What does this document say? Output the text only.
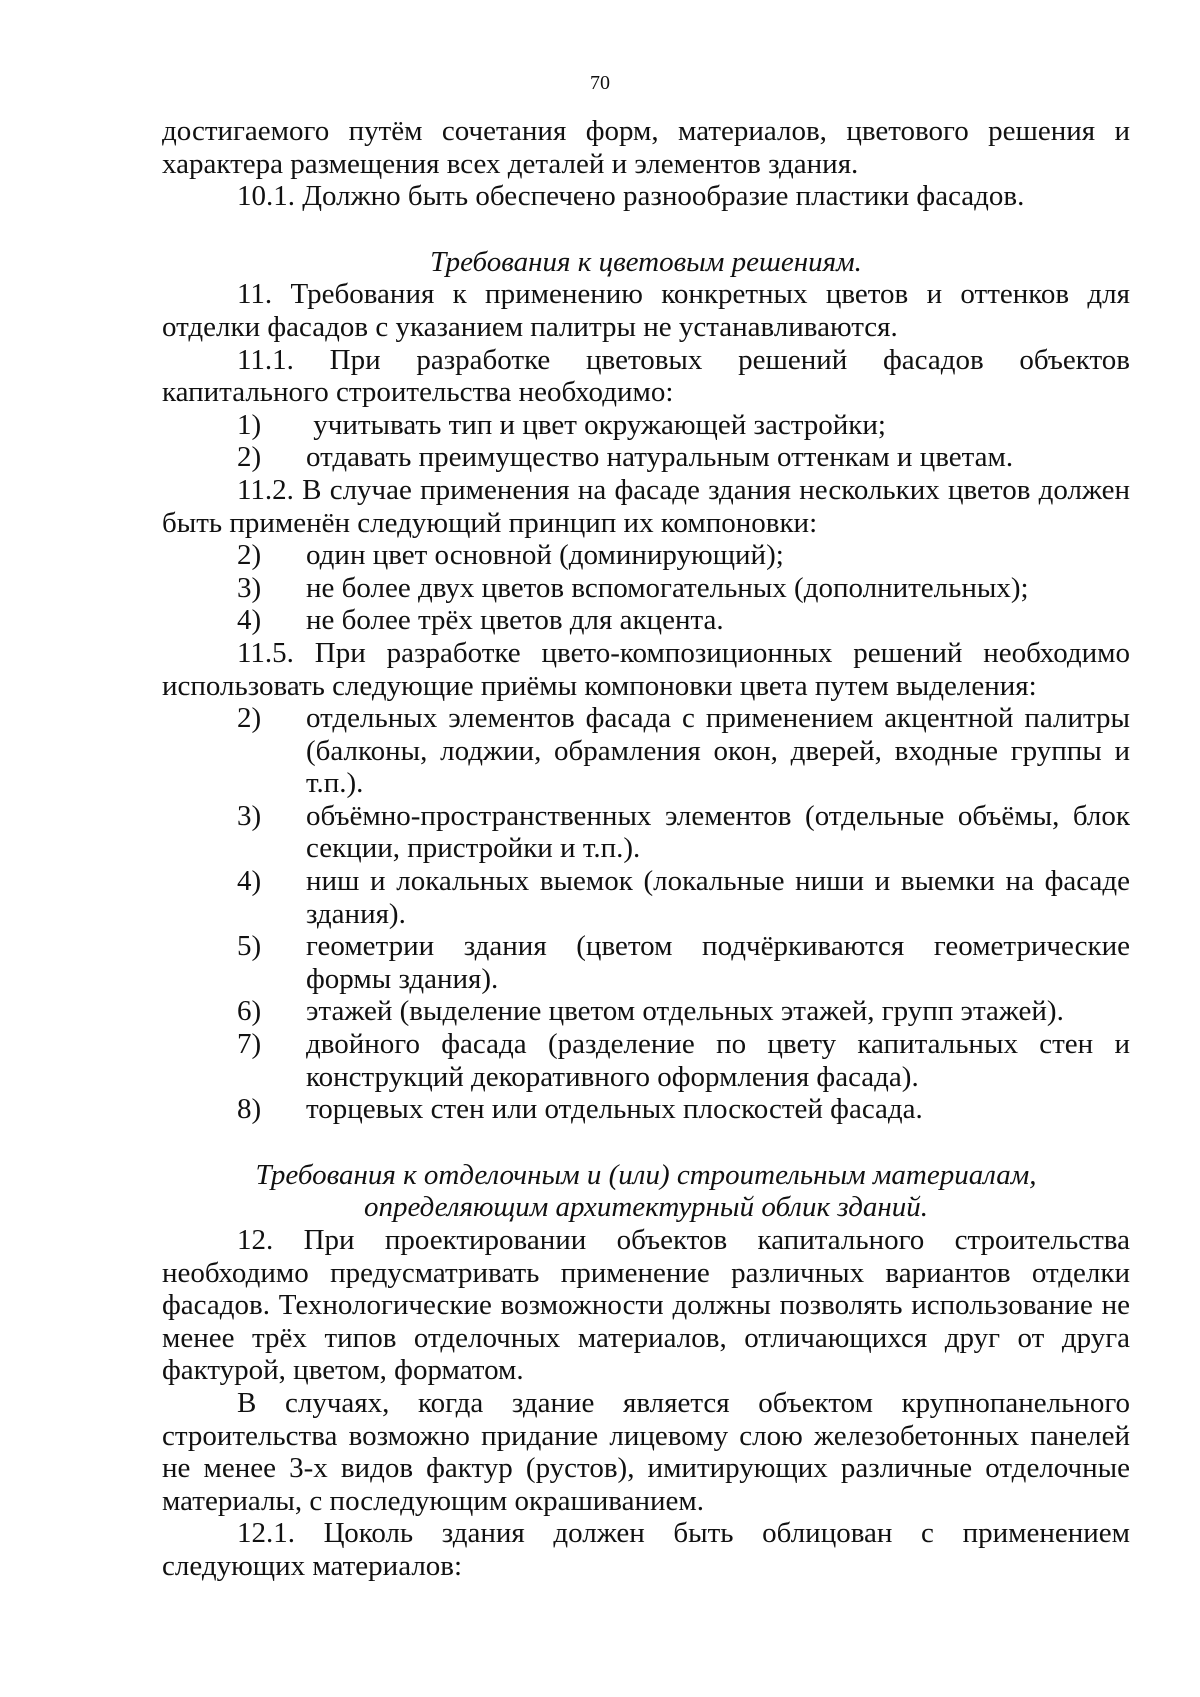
70

достигаемого путём сочетания форм, материалов, цветового решения и характера размещения всех деталей и элементов здания.

10.1. Должно быть обеспечено разнообразие пластики фасадов.

Требования к цветовым решениям.

11. Требования к применению конкретных цветов и оттенков для отделки фасадов с указанием палитры не устанавливаются.

11.1. При разработке цветовых решений фасадов объектов капитального строительства необходимо:

1) учитывать тип и цвет окружающей застройки;

2) отдавать преимущество натуральным оттенкам и цветам.

11.2. В случае применения на фасаде здания нескольких цветов должен быть применён следующий принцип их компоновки:

2) один цвет основной (доминирующий);

3) не более двух цветов вспомогательных (дополнительных);

4) не более трёх цветов для акцента.

11.5. При разработке цвето-композиционных решений необходимо использовать следующие приёмы компоновки цвета путем выделения:

2) отдельных элементов фасада с применением акцентной палитры (балконы, лоджии, обрамления окон, дверей, входные группы и т.п.).

3) объёмно-пространственных элементов (отдельные объёмы, блок секции, пристройки и т.п.).

4) ниш и локальных выемок (локальные ниши и выемки на фасаде здания).

5) геометрии здания (цветом подчёркиваются геометрические формы здания).

6) этажей (выделение цветом отдельных этажей, групп этажей).

7) двойного фасада (разделение по цвету капитальных стен и конструкций декоративного оформления фасада).

8) торцевых стен или отдельных плоскостей фасада.

Требования к отделочным и (или) строительным материалам,

определяющим архитектурный облик зданий.

12. При проектировании объектов капитального строительства необходимо предусматривать применение различных вариантов отделки фасадов. Технологические возможности должны позволять использование не менее трёх типов отделочных материалов, отличающихся друг от друга фактурой, цветом, форматом.

В случаях, когда здание является объектом крупнопанельного строительства возможно придание лицевому слою железобетонных панелей не менее 3-х видов фактур (рустов), имитирующих различные отделочные материалы, с последующим окрашиванием.

12.1. Цоколь здания должен быть облицован с применением следующих материалов:
